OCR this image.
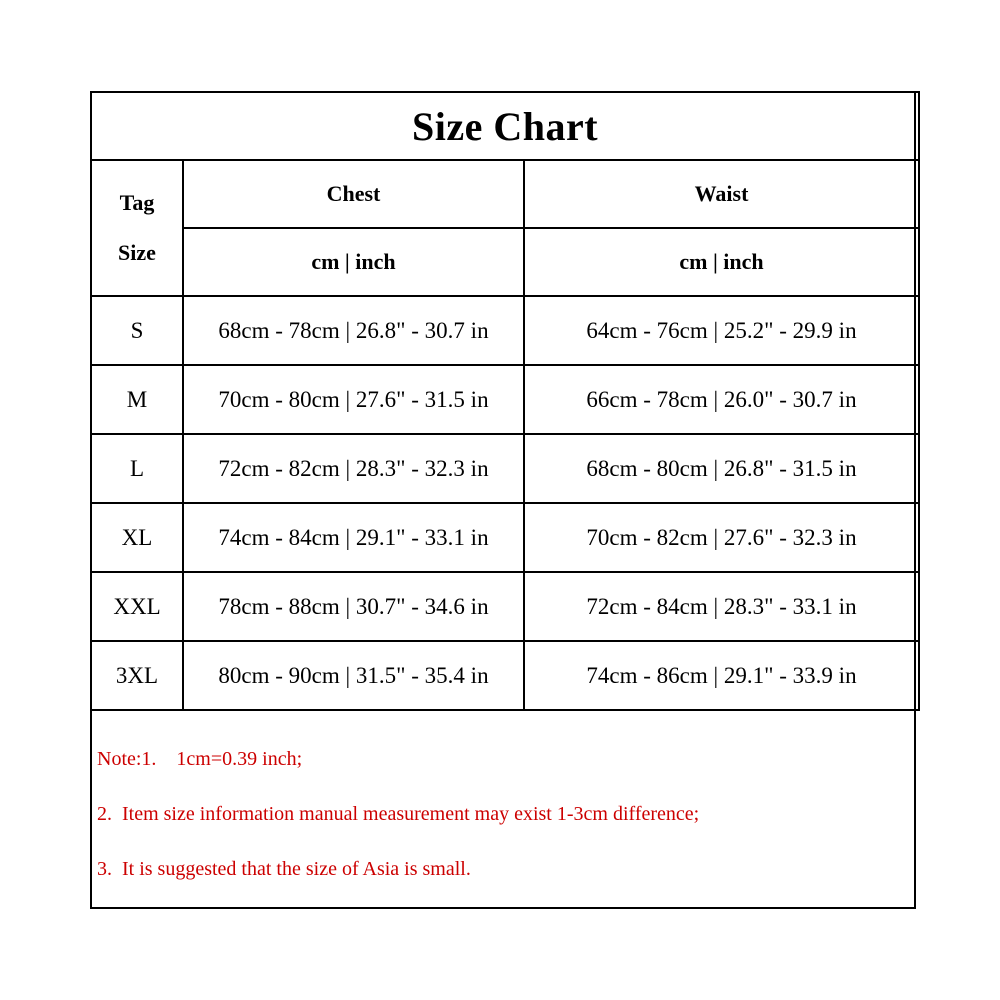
Size Chart		

Tag
Size	Chest	Waist
	cm | inch	cm | inch
S	68cm - 78cm | 26.8" - 30.7 in	64cm - 76cm | 25.2" - 29.9 in
M	70cm - 80cm | 27.6" - 31.5 in	66cm - 78cm | 26.0" - 30.7 in
L	72cm - 82cm | 28.3" - 32.3 in	68cm - 80cm | 26.8" - 31.5 in
XL	74cm - 84cm | 29.1" - 33.1 in	70cm - 82cm | 27.6" - 32.3 in
XXL	78cm - 88cm | 30.7" - 34.6 in	72cm - 84cm | 28.3" - 33.1 in
3XL	80cm - 90cm | 31.5" - 35.4 in	74cm - 86cm | 29.1" - 33.9 in
Note:1.    1cm=0.39 inch;
2.  Item size information manual measurement may exist 1-3cm difference;
3.  It is suggested that the size of Asia is small.
